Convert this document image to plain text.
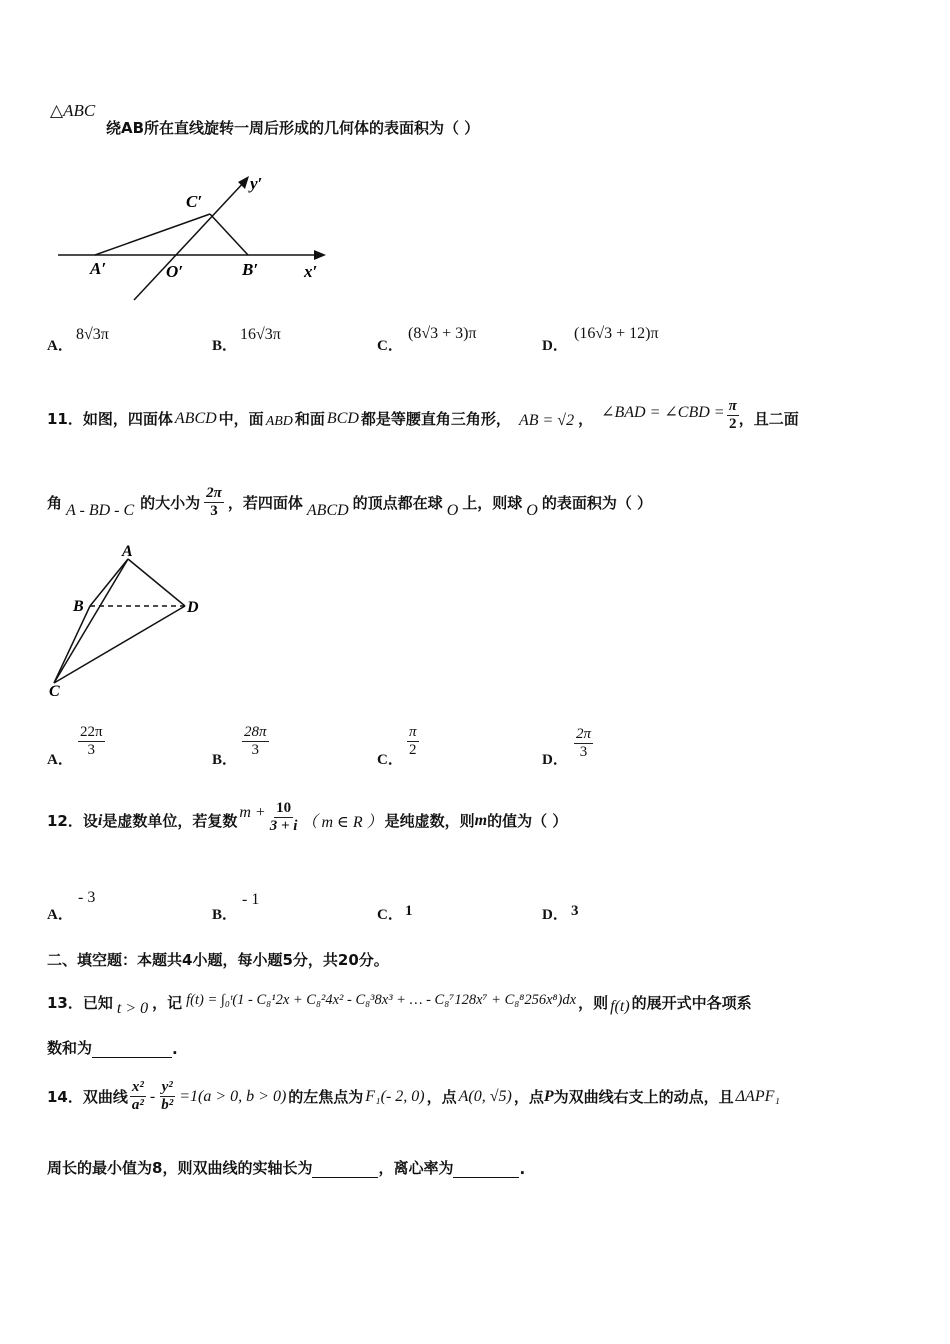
△ABC
绕AB所在直线旋转一周后形成的几何体的表面积为（ ）
C′
y′
A′	O′	B′	x′
A．
8√3π
B．
16√3π
C．
(8√3 + 3)π
D．
(16√3 + 12)π
11． 如图，四面体 ABCD 中，面 ABD 和面 BCD 都是等腰直角三角形， AB = √2 ， ∠BAD = ∠CBD = $\frac{\pi}{2}$ ，且二面
角 A - BD - C 的大小为 $\frac{2\pi}{3}$ ，若四面体 ABCD 的顶点都在球 O 上，则球 O 的表面积为（ ）
A
B
C
D
A．
$\frac{22\pi}{3}$
B．
$\frac{28\pi}{3}$
C．
$\frac{\pi}{2}$
D． $\frac{2\pi}{3}$
12． 设 i 是虚数单位，若复数 $m + \frac{10}{3 + i}$ （ m ∈ R ） 是纯虚数，则 m 的值为（ ）
A．
- 3
B．
- 1
C． 1	D． 3
二、填空题：本题共4小题，每小题5分，共20分。
13． 已知 t > 0 ，记 f(t) = ∫₀ᵗ(1 - C₈¹2x + C₈²4x² - C₈³8x³ + … - C₈⁷128x⁷ + C₈⁸256x⁸)dx ，则 f(t) 的展开式中各项系
数和为	.
14． 双曲线 $\frac{\text{x²}}{\text{a²}} - \frac{\text{y²}}{\text{b²}} =1(a > 0$, b > 0) 的左焦点为 F₁(- 2, 0) ，点 A(0, √5) ，点 P 为双曲线右支上的动点，且 ΔAPF₁
周长的最小值为8，则双曲线的实轴长为	，离心率为	.
